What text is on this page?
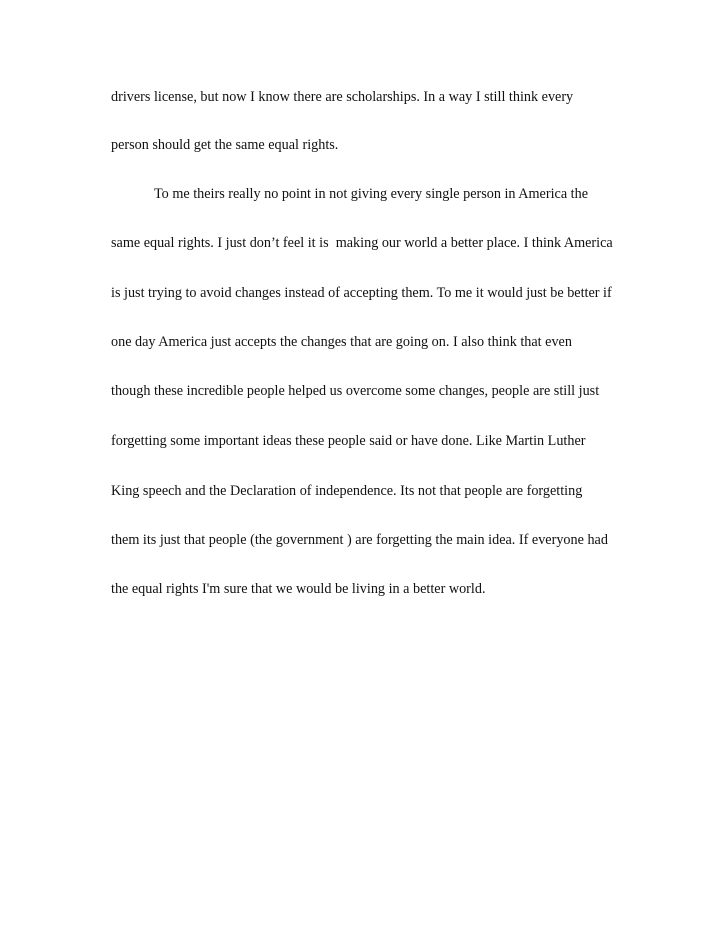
drivers license, but now I know there are scholarships. In a way I still think every

person should get the same equal rights.

To me theirs really no point in not giving every single person in America the

same equal rights. I just don’t feel it is  making our world a better place. I think America

is just trying to avoid changes instead of accepting them. To me it would just be better if

one day America just accepts the changes that are going on. I also think that even

though these incredible people helped us overcome some changes, people are still just

forgetting some important ideas these people said or have done. Like Martin Luther

King speech and the Declaration of independence. Its not that people are forgetting

them its just that people (the government ) are forgetting the main idea. If everyone had

the equal rights I'm sure that we would be living in a better world.
